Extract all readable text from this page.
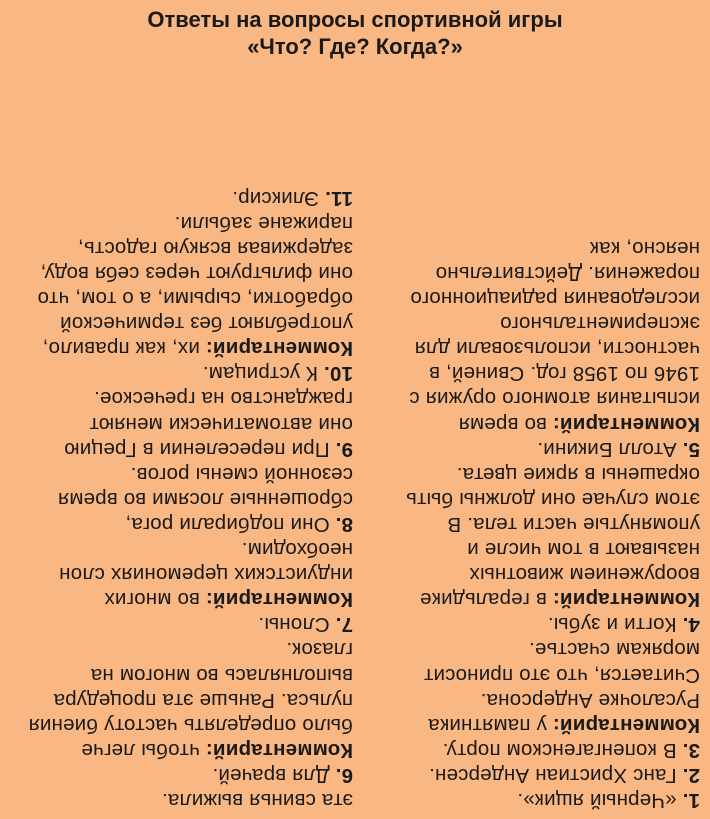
Ответы на вопросы спортивной игры
«Что? Где? Когда?»

1. «Черный ящик».

2. Ганс Христиан Андерсен.

3. В копенгагенском порту.

Комментарий: у памятника Русалочке Андерсона. Считается, что это приносит морякам счастье.

4. Когти и зубы.

Комментарий: в геральдике вооружением животных называют в том числе и упомянутые части тела. В этом случае они должны быть окрашены в яркие цвета.

5. Атолл Бикини.

Комментарий: во время испытания атомного оружия с 1946 по 1958 год. Свиней, в частности, использовали для экспериментального исследования радиационного поражения. Действительно неясно, как

эта свинья выжила.

6. Для врачей.

Комментарий: чтобы легче было определять частоту биения пульса. Раньше эта процедура выполнялась во многом на глазок.

7. Слоны.

Комментарий: во многих индуистских церемониях слон необходим.

8. Они подбирали рога, сброшенные лосями во время сезонной смены рогов.

9. При переселении в Грецию они автоматически меняют гражданство на греческое.

10. К устрицам.

Комментарий: их, как правило, употребляют без термической обработки, сырыми, а о том, что они фильтруют через себя воду, задерживая всякую гадость, парижане забыли.

11. Эликсир.
